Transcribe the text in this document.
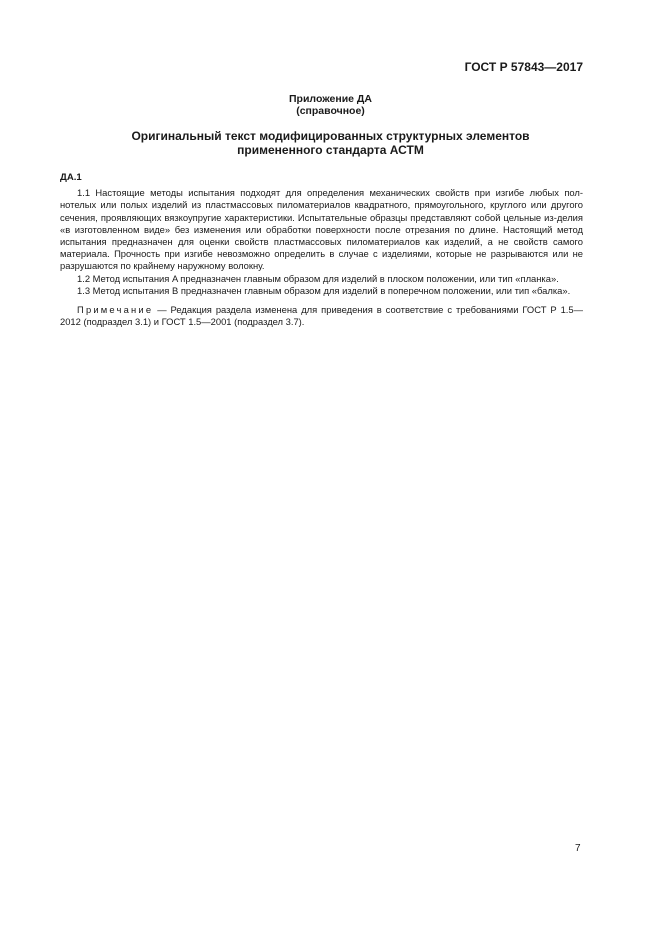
ГОСТ Р 57843—2017
Приложение ДА
(справочное)
Оригинальный текст модифицированных структурных элементов
примененного стандарта АСТМ
ДА.1

1.1 Настоящие методы испытания подходят для определения механических свойств при изгибе любых пол-нотелых или полых изделий из пластмассовых пиломатериалов квадратного, прямоугольного, круглого или другого сечения, проявляющих вязкоупругие характеристики. Испытательные образцы представляют собой цельные из-делия «в изготовленном виде» без изменения или обработки поверхности после отрезания по длине. Настоящий метод испытания предназначен для оценки свойств пластмассовых пиломатериалов как изделий, а не свойств самого материала. Прочность при изгибе невозможно определить в случае с изделиями, которые не разрываются или не разрушаются по крайнему наружному волокну.

1.2 Метод испытания A предназначен главным образом для изделий в плоском положении, или тип «планка».

1.3 Метод испытания B предназначен главным образом для изделий в поперечном положении, или тип «балка».

Примечание — Редакция раздела изменена для приведения в соответствие с требованиями ГОСТ Р 1.5—2012 (подраздел 3.1) и ГОСТ 1.5—2001 (подраздел 3.7).

7
